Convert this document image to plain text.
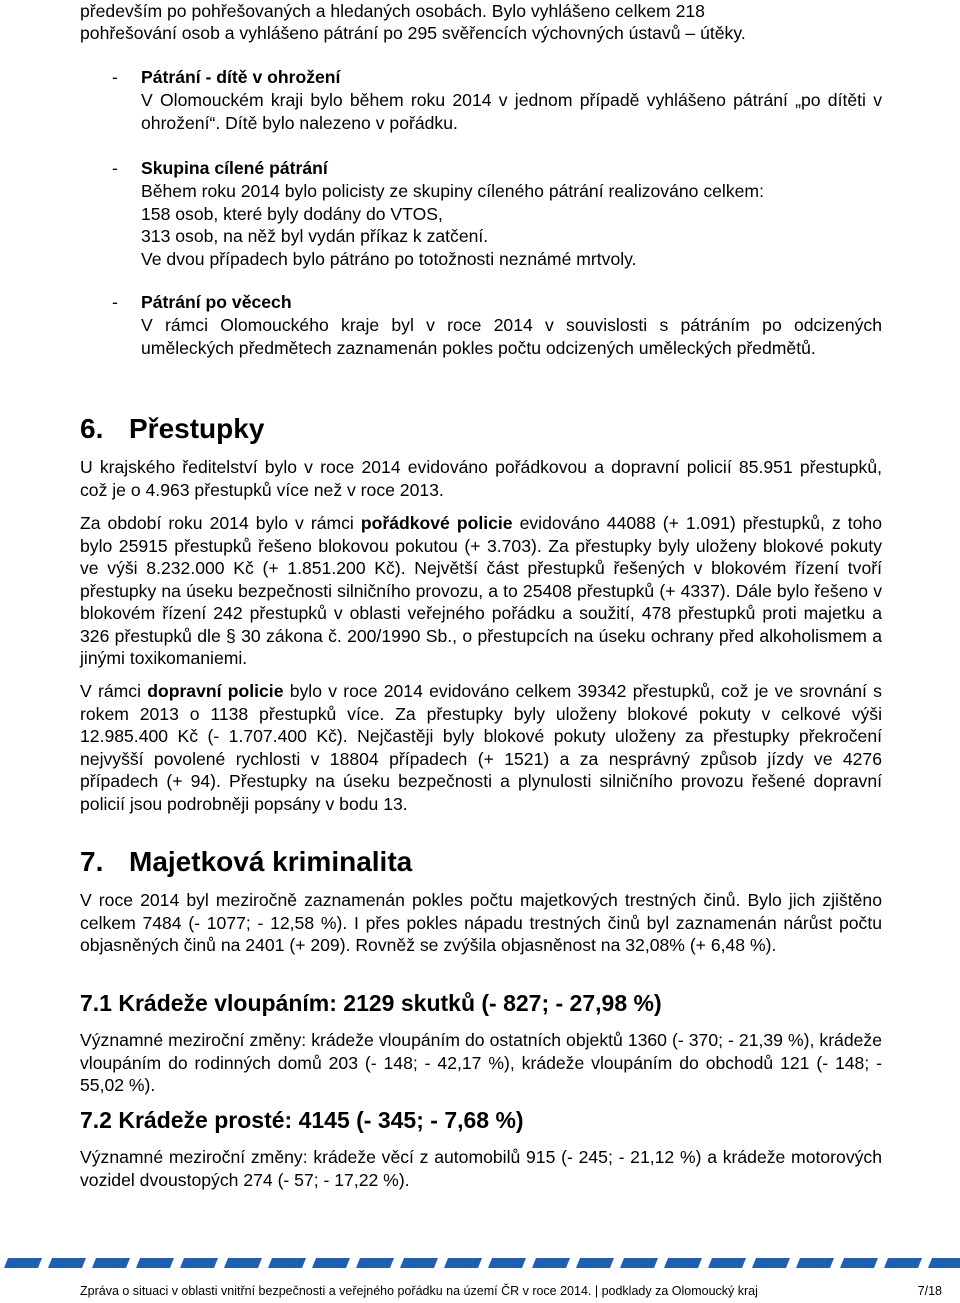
především po pohřešovaných a hledaných osobách. Bylo vyhlášeno celkem 218

pohřešování osob a vyhlášeno pátrání po 295 svěřencích výchovných ústavů – útěky.

- Pátrání - dítě v ohrožení

V Olomouckém kraji bylo během roku 2014 v jednom případě vyhlášeno pátrání „po dítěti v ohrožení“. Dítě bylo nalezeno v pořádku.

- Skupina cílené pátrání

Během roku 2014 bylo policisty ze skupiny cíleného pátrání realizováno celkem:

158 osob, které byly dodány do VTOS,

313 osob, na něž byl vydán příkaz k zatčení.

Ve dvou případech bylo pátráno po totožnosti neznámé mrtvoly.

- Pátrání po věcech

V rámci Olomouckého kraje byl v roce 2014 v souvislosti s pátráním po odcizených uměleckých předmětech zaznamenán pokles počtu odcizených uměleckých předmětů.

6. Přestupky

U krajského ředitelství bylo v roce 2014 evidováno pořádkovou a dopravní policií 85.951 přestupků, což je o 4.963 přestupků více než v roce 2013.

Za období roku 2014 bylo v rámci pořádkové policie evidováno 44088 (+ 1.091) přestupků, z toho bylo 25915 přestupků řešeno blokovou pokutou (+ 3.703). Za přestupky byly uloženy blokové pokuty ve výši 8.232.000 Kč (+ 1.851.200 Kč). Největší část přestupků řešených v blokovém řízení tvoří přestupky na úseku bezpečnosti silničního provozu, a to 25408 přestupků (+ 4337). Dále bylo řešeno v blokovém řízení 242 přestupků v oblasti veřejného pořádku a soužití, 478 přestupků proti majetku a 326 přestupků dle § 30 zákona č. 200/1990 Sb., o přestupcích na úseku ochrany před alkoholismem a jinými toxikomaniemi.

V rámci dopravní policie bylo v roce 2014 evidováno celkem 39342 přestupků, což je ve srovnání s rokem 2013 o 1138 přestupků více. Za přestupky byly uloženy blokové pokuty v celkové výši 12.985.400 Kč (- 1.707.400 Kč). Nejčastěji byly blokové pokuty uloženy za přestupky překročení nejvyšší povolené rychlosti v 18804 případech (+ 1521) a za nesprávný způsob jízdy ve 4276 případech (+ 94). Přestupky na úseku bezpečnosti a plynulosti silničního provozu řešené dopravní policií jsou podrobněji popsány v bodu 13.

7. Majetková kriminalita

V roce 2014 byl meziročně zaznamenán pokles počtu majetkových trestných činů. Bylo jich zjištěno celkem 7484 (- 1077; - 12,58 %). I přes pokles nápadu trestných činů byl zaznamenán nárůst počtu objasněných činů na 2401 (+ 209). Rovněž se zvýšila objasněnost na 32,08% (+ 6,48 %).

7.1 Krádeže vloupáním: 2129 skutků (- 827; - 27,98 %)

Významné meziroční změny: krádeže vloupáním do ostatních objektů 1360 (- 370; - 21,39 %), krádeže vloupáním do rodinných domů 203 (- 148; - 42,17 %), krádeže vloupáním do obchodů 121 (- 148; - 55,02 %).

7.2 Krádeže prosté: 4145 (- 345; - 7,68 %)

Významné meziroční změny: krádeže věcí z automobilů 915 (- 245; - 21,12 %) a krádeže motorových vozidel dvoustopých 274 (- 57; - 17,22 %).

Zpráva o situaci v oblasti vnitřní bezpečnosti a veřejného pořádku na území ČR v roce 2014. | podklady za Olomoucký kraj	7/18
